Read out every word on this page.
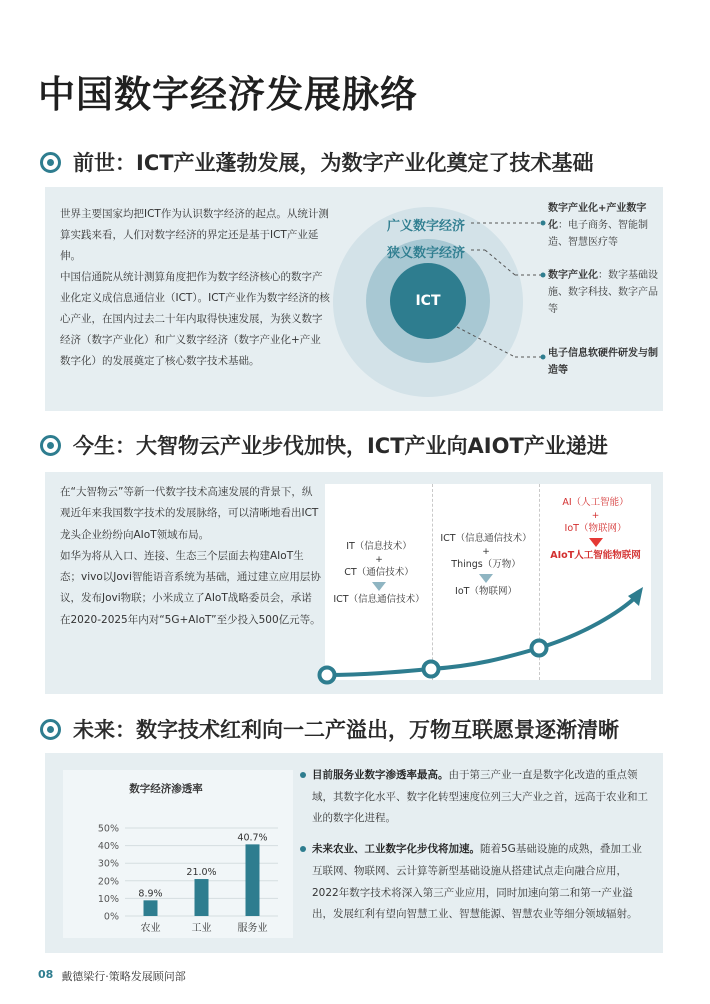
中国数字经济发展脉络
前世：ICT产业蓬勃发展，为数字产业化奠定了技术基础

世界主要国家均把ICT作为认识数字经济的起点。从统计测算实践来看，人们对数字经济的界定还是基于ICT产业延伸。

中国信通院从统计测算角度把作为数字经济核心的数字产业化定义成信息通信业（ICT）。ICT产业作为数字经济的核心产业，在国内过去二十年内取得快速发展，为狭义数字经济（数字产业化）和广义数字经济（数字产业化+产业数字化）的发展奠定了核心数字技术基础。

ICT
广义数字经济
狭义数字经济
数字产业化+产业数字化：电子商务、智能制造、智慧医疗等
数字产业化：数字基础设施、数字科技、数字产品等
电子信息软硬件研发与制造等
今生：大智物云产业步伐加快，ICT产业向AIOT产业递进

在“大智物云”等新一代数字技术高速发展的背景下，纵观近年来我国数字技术的发展脉络，可以清晰地看出ICT龙头企业纷纷向AIoT领域布局。

如华为将从入口、连接、生态三个层面去构建AIoT生态；vivo以Jovi智能语音系统为基础，通过建立应用层协议，发布Jovi物联；小米成立了AIoT战略委员会，承诺在2020-2025年内对“5G+AIoT”至少投入500亿元等。

IT（信息技术）
+
CT（通信技术）
ICT（信息通信技术）
ICT（信息通信技术）
+
Things（万物）
IoT（物联网）
AI（人工智能）
+
IoT（物联网）
AIoT人工智能物联网
未来：数字技术红利向一二产溢出，万物互联愿景逐渐清晰
数字经济渗透率
0%
10%
20%
30%
40%
50%
8.9%
农业
21.0%
工业
40.7%
服务业
目前服务业数字渗透率最高。由于第三产业一直是数字化改造的重点领域，其数字化水平、数字化转型速度位列三大产业之首，远高于农业和工业的数字化进程。
未来农业、工业数字化步伐将加速。随着5G基础设施的成熟，叠加工业互联网、物联网、云计算等新型基础设施从搭建试点走向融合应用，2022年数字技术将深入第三产业应用，同时加速向第二和第一产业溢出，发展红利有望向智慧工业、智慧能源、智慧农业等细分领域辐射。
08 戴德梁行·策略发展顾问部
